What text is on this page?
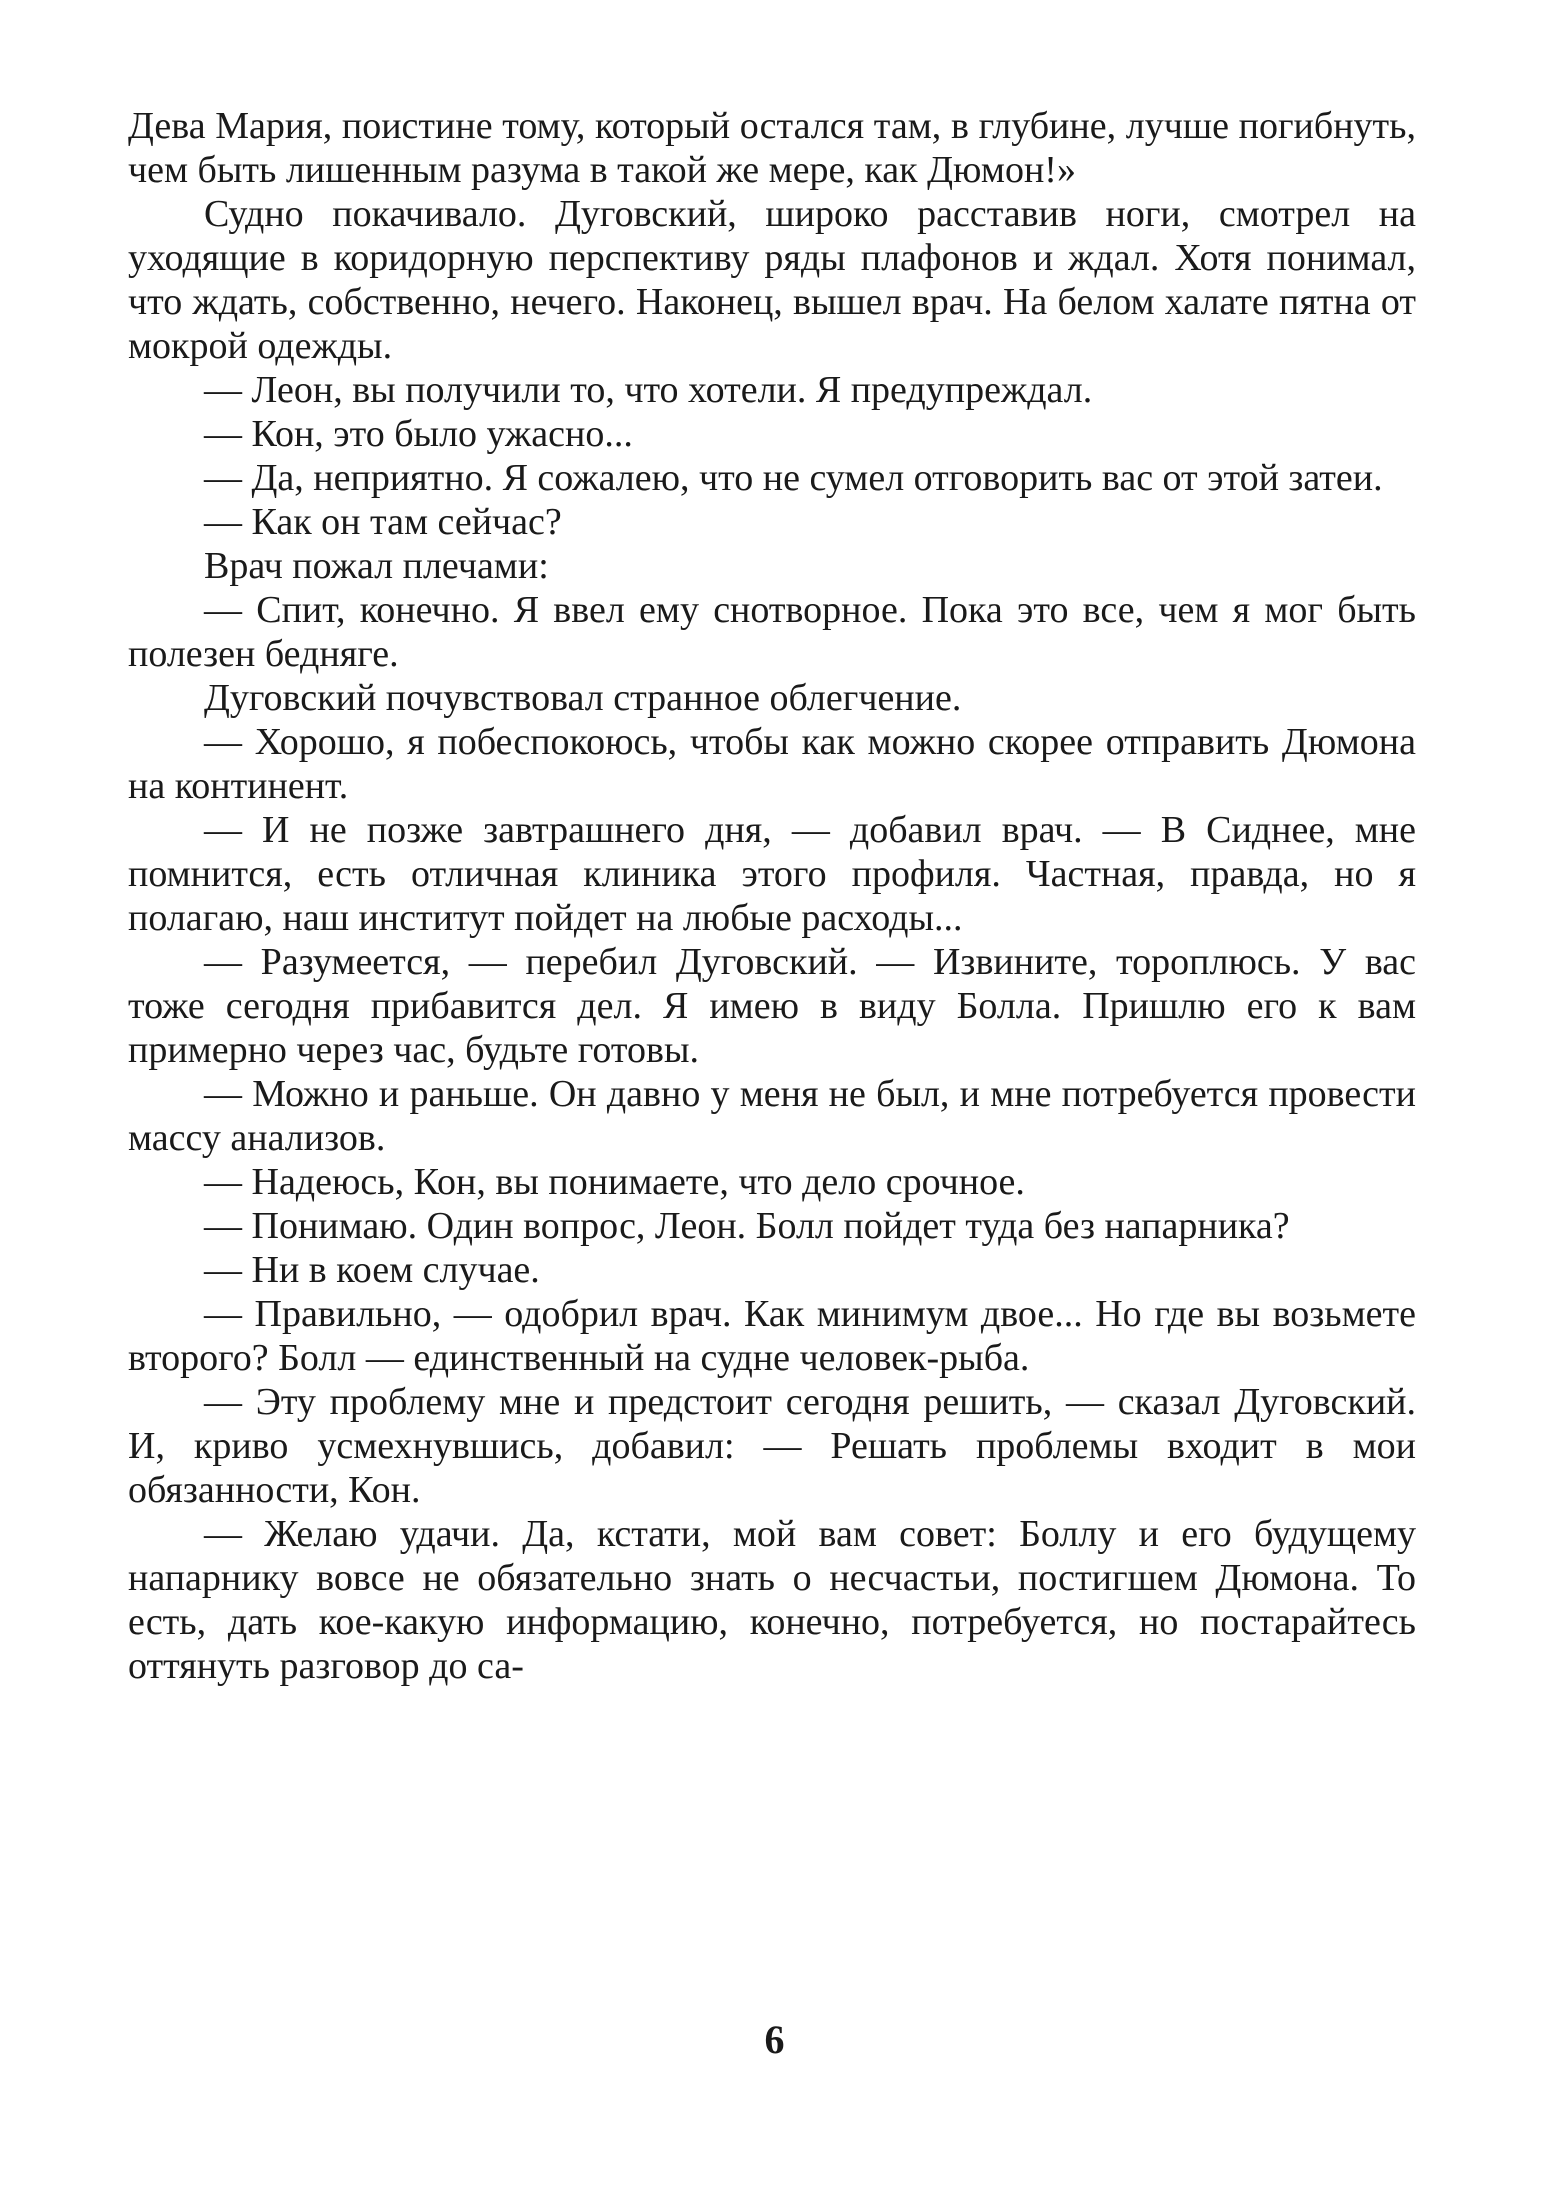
Дева Мария, поистине тому, который остался там, в глубине, лучше погибнуть, чем быть лишенным разума в такой же мере, как Дюмон!»

Судно покачивало. Дуговский, широко расставив ноги, смотрел на уходящие в коридорную перспективу ряды плафонов и ждал. Хотя понимал, что ждать, собственно, нечего. Наконец, вышел врач. На белом халате пятна от мокрой одежды.

— Леон, вы получили то, что хотели. Я предупреждал.

— Кон, это было ужасно...

— Да, неприятно. Я сожалею, что не сумел отговорить вас от этой затеи.

— Как он там сейчас?

Врач пожал плечами:

— Спит, конечно. Я ввел ему снотворное. Пока это все, чем я мог быть полезен бедняге.

Дуговский почувствовал странное облегчение.

— Хорошо, я побеспокоюсь, чтобы как можно скорее отправить Дюмона на континент.

— И не позже завтрашнего дня, — добавил врач. — В Сиднее, мне помнится, есть отличная клиника этого профиля. Частная, правда, но я полагаю, наш институт пойдет на любые расходы...

— Разумеется, — перебил Дуговский. — Извините, тороплюсь. У вас тоже сегодня прибавится дел. Я имею в виду Болла. Пришлю его к вам примерно через час, будьте готовы.

— Можно и раньше. Он давно у меня не был, и мне потребуется провести массу анализов.

— Надеюсь, Кон, вы понимаете, что дело срочное.

— Понимаю. Один вопрос, Леон. Болл пойдет туда без напарника?

— Ни в коем случае.

— Правильно, — одобрил врач. Как минимум двое... Но где вы возьмете второго? Болл — единственный на судне человек-рыба.

— Эту проблему мне и предстоит сегодня решить, — сказал Дуговский. И, криво усмехнувшись, добавил: — Решать проблемы входит в мои обязанности, Кон.

— Желаю удачи. Да, кстати, мой вам совет: Боллу и его будущему напарнику вовсе не обязательно знать о несчастьи, постигшем Дюмона. То есть, дать кое-какую информацию, конечно, потребуется, но постарайтесь оттянуть разговор до са-

6
